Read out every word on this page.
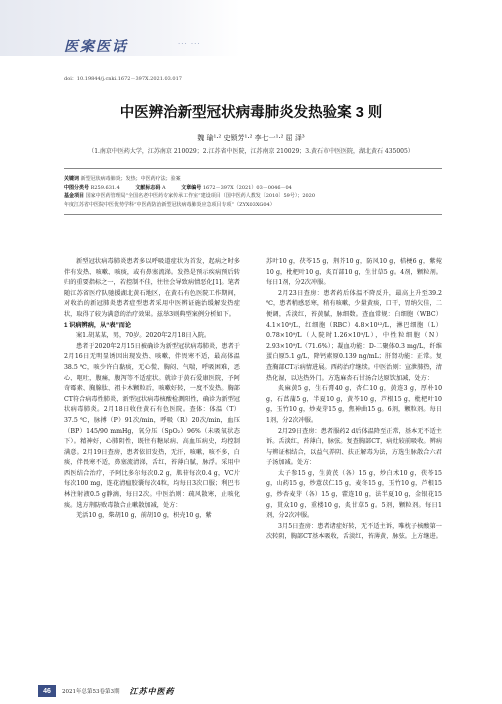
医案医话	··· ···
doi：10.19844/j.cnki.1672－397X.2021.03.017
中医辨治新型冠状病毒肺炎发热验案 3 则
魏 瑜¹·² 史锁芳¹·² 李七一¹·² 屈 泽³
（1.南京中医药大学，江苏南京 210029；2.江苏省中医院，江苏南京 210029；3.黄石市中医医院，湖北黄石 435005）
关键词 新型冠状病毒肺炎；发热；中医药疗法；验案
中图分类号 R259.631.4	文献标志码 A	文章编号 1672－397X（2021）03－0046－04
基金项目 国家中医药管理局“全国名老中医药专家传承工作室”建设项目（国中医药人教发〔2010〕59号）；2020
年度江苏省中医院中医优势学科“中医药防治新型冠状病毒肺炎应急项目专项”（ZYX03XG04）

新型冠状病毒肺炎患者多以呼吸道症状为首发，起病之时多伴有发热、咳嗽、咳痰，或有鼻塞流涕。发热是预示疾病预后转归的重要指标之一，若控制不佳，往往会导致病情恶化[1]。笔者随江苏省医疗队驰援湖北黄石地区，在黄石有色医院工作期间，对收治的新冠肺炎患者症型患者采用中医辨证施治缓解发热症状，取得了较为满意的治疗效果。兹举3则典型案例分析如下。

1 识病辨病，从“表”而论

案1.胡某某，男，70岁。2020年2月18日入院。

患者于2020年2月15日被确诊为新型冠状病毒肺炎，患者于2月16日无明显诱因出现发热、咳嗽，伴畏寒不适，最高体温38.5 ℃，咳少许白黏痰，无心慌、胸闷、气喘，呼吸困难，恶心、呕吐，腹痛，腹泻等不适症状。就诊于黄石爱康医院，予阿奇霉素、胸腺肽、祖卡木颗粒后，咳嗽好转，一度不发热。胸部CT符合病毒性肺炎，新型冠状病毒核酸检测阳性，确诊为新型冠状病毒肺炎。2月18日收住黄石有色医院。查体：体温（T）37.5 ℃，脉搏（P）91次/min，呼吸（R）20次/min，血压（BP）145/90 mmHg，氧分压（SpO₂）96%（未吸氧状态下）。精神好，心肺阴性，既往有糖尿病、高血压病史，均控制满意。2月19日查房，患者依旧发热，无汗，咳嗽，咳不多，白痰，伴畏寒不适，鼻塞流清涕，舌红，苔薄白腻，脉浮。采用中西医结合治疗，予阿比多尔每次0.2 g，肌苷每次0.4 g，VC片每次100 mg，连花清瘟胶囊每次4粒，均每日3次口服；利巴韦林注射液0.5 g静滴，每日2次。中医治则：疏风散寒，止咳化痰。选方荆防败毒散合止嗽散加减，处方：

羌活10 g，柴胡10 g，前胡10 g，枳壳10 g，紫

苏叶10 g，茯苓15 g，荆芥10 g，防风10 g，桔梗6 g，紫菀10 g，枇杷叶10 g，炙百部10 g，生甘草5 g。4剂，颗粒剂。每日1剂，分2次冲服。

2月23日查房：患者药后体温不降反升，最高上升至39.2 ℃，患者稍感恶寒，稍有咳嗽，少量黄痰，口干，胃纳欠佳，二便调，舌淡红，苔黄腻，脉细数。查血常规：白细胞（WBC）4.1×10⁹/L，红细胞（RBC）4.8×10¹²/L，淋巴细胞（L）0.78×10⁹/L（人院时1.26×10⁹/L），中性粒细胞（N）2.93×10⁹/L（71.6%）；凝血功能：D-二聚体0.3 mg/L，纤维蛋白原5.1 g/L，降钙素原0.139 ng/mL；肝肾功能：正常。复查胸部CT示病情进展。西药治疗继续。中医治则：宣泄肺热，清热化湿，以达热外门。方选麻杏石甘汤合达原饮加减，处方：

炙麻黄5 g，生石膏40 g，杏仁10 g，黄连3 g，厚朴10 g，石菖蒲5 g，半夏10 g，黄芩10 g，芦根15 g，枇杷叶10 g，玉竹10 g，炒麦芽15 g，焦神曲15 g。6剂，颗粒剂。每日1剂，分2次冲服。

2月29日查房：患者服药2 d后体温降至正常，基本无不适主诉。舌淡红，苔薄白，脉弦。复查胸部CT，病灶较前吸收。辨病与辨证相结合，以益气养阴、扶正解毒为法，方选生脉散合六君子汤加减。处方：

太子参15 g，生黄芪（各）15 g，炒白术10 g，茯苓15 g，山药15 g，炒薏苡仁15 g，麦冬15 g，玉竹10 g，芦根15 g，炒杏麦芽（各）15 g，藿连10 g，法半夏10 g，金银花15 g，贯众10 g，重楼10 g，炙甘草5 g。5剂，颗粒剂。每日1剂，分2次冲服。

3月5日查房：患者诸症好转，无不适主诉，唯枕子核酸第一次转阴，胸部CT基本吸收，舌淡红，苔薄黄，脉弦。上方继进。

46	2021年总第53卷第3期 江苏中医药
